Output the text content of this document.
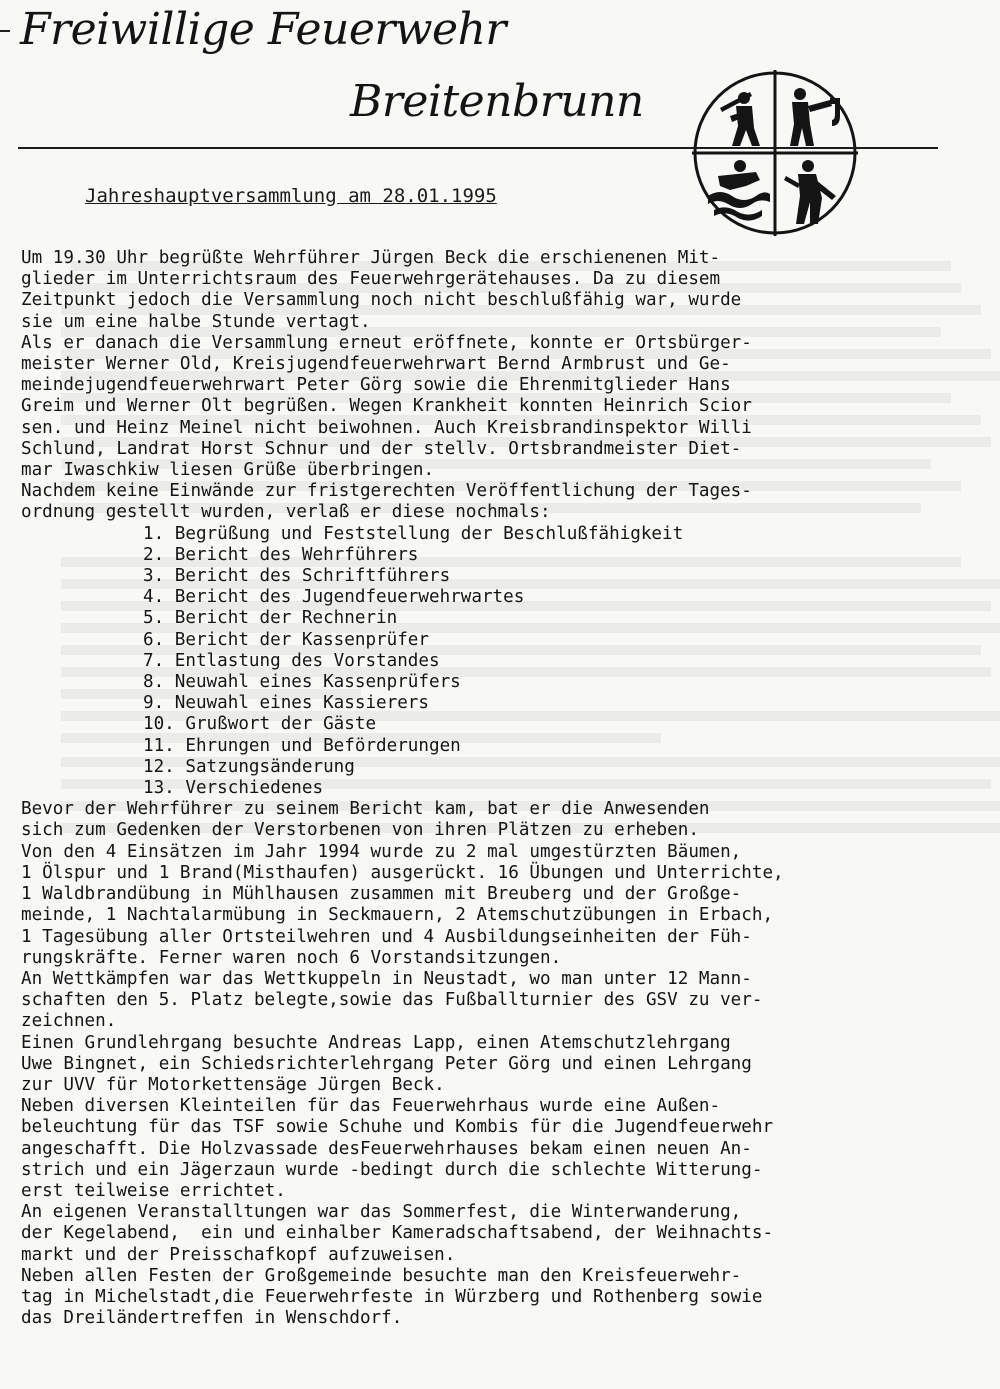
Freiwillige Feuerwehr
Breitenbrunn

Jahreshauptversammlung am 28.01.1995
Um 19.30 Uhr begrüßte Wehrführer Jürgen Beck die erschienenen Mit-
glieder im Unterrichtsraum des Feuerwehrgerätehauses. Da zu diesem
Zeitpunkt jedoch die Versammlung noch nicht beschlußfähig war, wurde
sie um eine halbe Stunde vertagt.
Als er danach die Versammlung erneut eröffnete, konnte er Ortsbürger-
meister Werner Old, Kreisjugendfeuerwehrwart Bernd Armbrust und Ge-
meindejugendfeuerwehrwart Peter Görg sowie die Ehrenmitglieder Hans
Greim und Werner Olt begrüßen. Wegen Krankheit konnten Heinrich Scior
sen. und Heinz Meinel nicht beiwohnen. Auch Kreisbrandinspektor Willi
Schlund, Landrat Horst Schnur und der stellv. Ortsbrandmeister Diet-
mar Iwaschkiw liesen Grüße überbringen.
Nachdem keine Einwände zur fristgerechten Veröffentlichung der Tages-
ordnung gestellt wurden, verlaß er diese nochmals:
1. Begrüßung und Feststellung der Beschlußfähigkeit
2. Bericht des Wehrführers
3. Bericht des Schriftführers
4. Bericht des Jugendfeuerwehrwartes
5. Bericht der Rechnerin
6. Bericht der Kassenprüfer
7. Entlastung des Vorstandes
8. Neuwahl eines Kassenprüfers
9. Neuwahl eines Kassierers
10. Grußwort der Gäste
11. Ehrungen und Beförderungen
12. Satzungsänderung
13. Verschiedenes
Bevor der Wehrführer zu seinem Bericht kam, bat er die Anwesenden
sich zum Gedenken der Verstorbenen von ihren Plätzen zu erheben.
Von den 4 Einsätzen im Jahr 1994 wurde zu 2 mal umgestürzten Bäumen,
1 Ölspur und 1 Brand(Misthaufen) ausgerückt. 16 Übungen und Unterrichte,
1 Waldbrandübung in Mühlhausen zusammen mit Breuberg und der Großge-
meinde, 1 Nachtalarmübung in Seckmauern, 2 Atemschutzübungen in Erbach,
1 Tagesübung aller Ortsteilwehren und 4 Ausbildungseinheiten der Füh-
rungskräfte. Ferner waren noch 6 Vorstandsitzungen.
An Wettkämpfen war das Wettkuppeln in Neustadt, wo man unter 12 Mann-
schaften den 5. Platz belegte,sowie das Fußballturnier des GSV zu ver-
zeichnen.
Einen Grundlehrgang besuchte Andreas Lapp, einen Atemschutzlehrgang
Uwe Bingnet, ein Schiedsrichterlehrgang Peter Görg und einen Lehrgang
zur UVV für Motorkettensäge Jürgen Beck.
Neben diversen Kleinteilen für das Feuerwehrhaus wurde eine Außen-
beleuchtung für das TSF sowie Schuhe und Kombis für die Jugendfeuerwehr
angeschafft. Die Holzvassade desFeuerwehrhauses bekam einen neuen An-
strich und ein Jägerzaun wurde -bedingt durch die schlechte Witterung-
erst teilweise errichtet.
An eigenen Veranstalltungen war das Sommerfest, die Winterwanderung,
der Kegelabend,  ein und einhalber Kameradschaftsabend, der Weihnachts-
markt und der Preisschafkopf aufzuweisen.
Neben allen Festen der Großgemeinde besuchte man den Kreisfeuerwehr-
tag in Michelstadt,die Feuerwehrfeste in Würzberg und Rothenberg sowie
das Dreiländertreffen in Wenschdorf.
